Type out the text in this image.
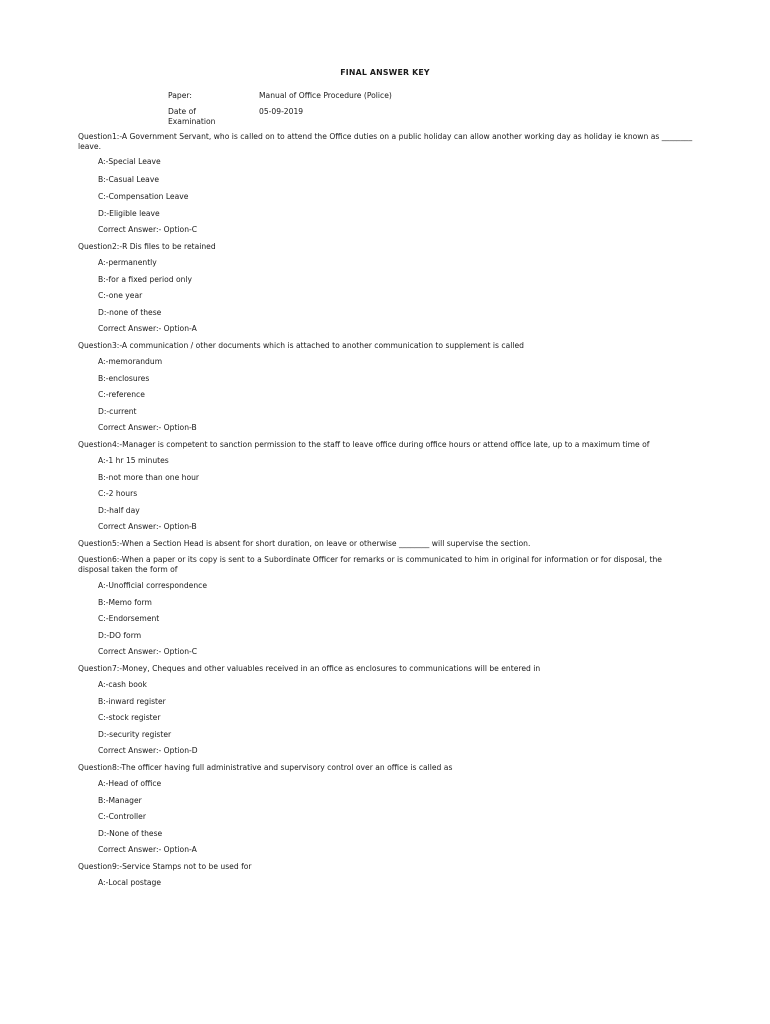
FINAL ANSWER KEY
Paper:	Manual of Office Procedure (Police)
Date of
Examination
05-09-2019

Question1:-A Government Servant, who is called on to attend the Office duties on a public holiday can allow another working day as holiday ie known as ________ leave.

A:-Special Leave

B:-Casual Leave

C:-Compensation Leave

D:-Eligible leave

Correct Answer:- Option-C

Question2:-R Dis files to be retained

A:-permanently

B:-for a fixed period only

C:-one year

D:-none of these

Correct Answer:- Option-A

Question3:-A communication / other documents which is attached to another communication to supplement is called

A:-memorandum

B:-enclosures

C:-reference

D:-current

Correct Answer:- Option-B

Question4:-Manager is competent to sanction permission to the staff to leave office during office hours or attend office late, up to a maximum time of

A:-1 hr 15 minutes

B:-not more than one hour

C:-2 hours

D:-half day

Correct Answer:- Option-B

Question5:-When a Section Head is absent for short duration, on leave or otherwise ________ will supervise the section.

Question6:-When a paper or its copy is sent to a Subordinate Officer for remarks or is communicated to him in original for information or for disposal, the disposal taken the form of

A:-Unofficial correspondence

B:-Memo form

C:-Endorsement

D:-DO form

Correct Answer:- Option-C

Question7:-Money, Cheques and other valuables received in an office as enclosures to communications will be entered in

A:-cash book

B:-inward register

C:-stock register

D:-security register

Correct Answer:- Option-D

Question8:-The officer having full administrative and supervisory control over an office is called as

A:-Head of office

B:-Manager

C:-Controller

D:-None of these

Correct Answer:- Option-A

Question9:-Service Stamps not to be used for

A:-Local postage
